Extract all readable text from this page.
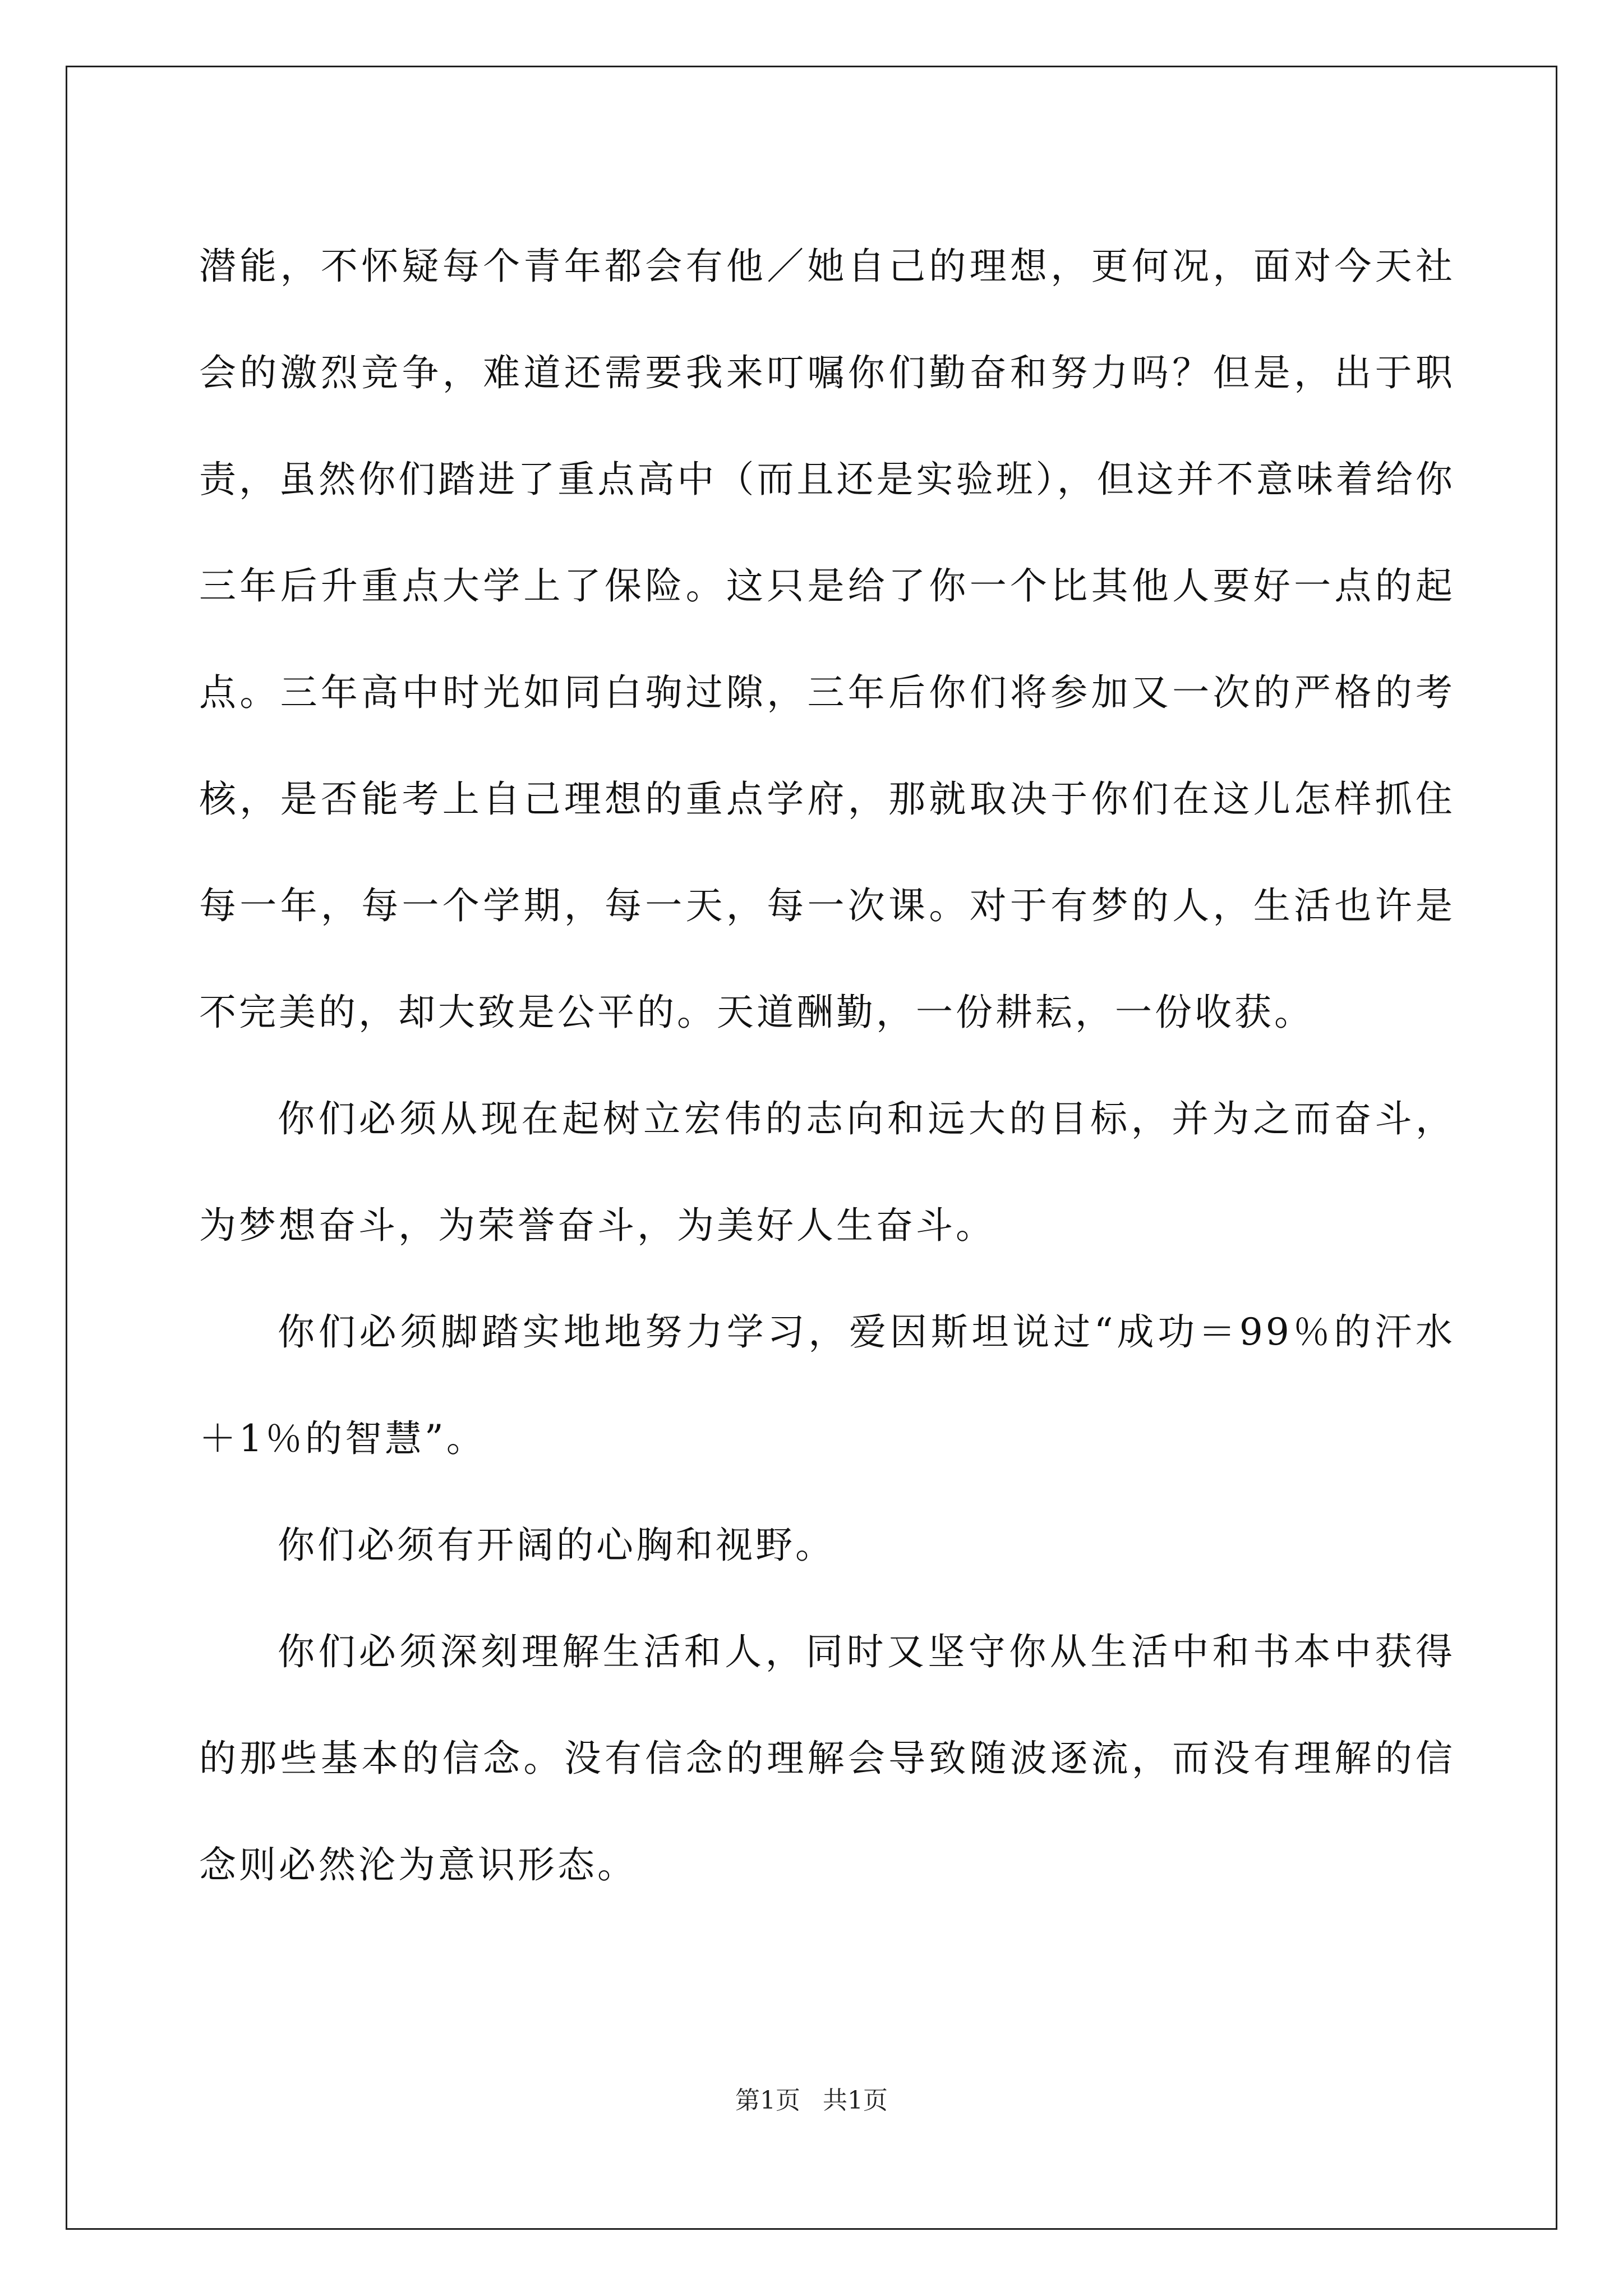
潜能，不怀疑每个青年都会有他／她自己的理想，更何况，面对今天社会的激烈竞争，难道还需要我来叮嘱你们勤奋和努力吗？但是，出于职责，虽然你们踏进了重点高中（而且还是实验班），但这并不意味着给你三年后升重点大学上了保险。这只是给了你一个比其他人要好一点的起点。三年高中时光如同白驹过隙，三年后你们将参加又一次的严格的考核，是否能考上自己理想的重点学府，那就取决于你们在这儿怎样抓住每一年，每一个学期，每一天，每一次课。对于有梦的人，生活也许是不完美的，却大致是公平的。天道酬勤，一份耕耘，一份收获。

你们必须从现在起树立宏伟的志向和远大的目标，并为之而奋斗，为梦想奋斗，为荣誉奋斗，为美好人生奋斗。

你们必须脚踏实地地努力学习，爱因斯坦说过“成功＝99％的汗水＋1％的智慧”。

你们必须有开阔的心胸和视野。

你们必须深刻理解生活和人，同时又坚守你从生活中和书本中获得的那些基本的信念。没有信念的理解会导致随波逐流，而没有理解的信念则必然沦为意识形态。

第1页 共1页
